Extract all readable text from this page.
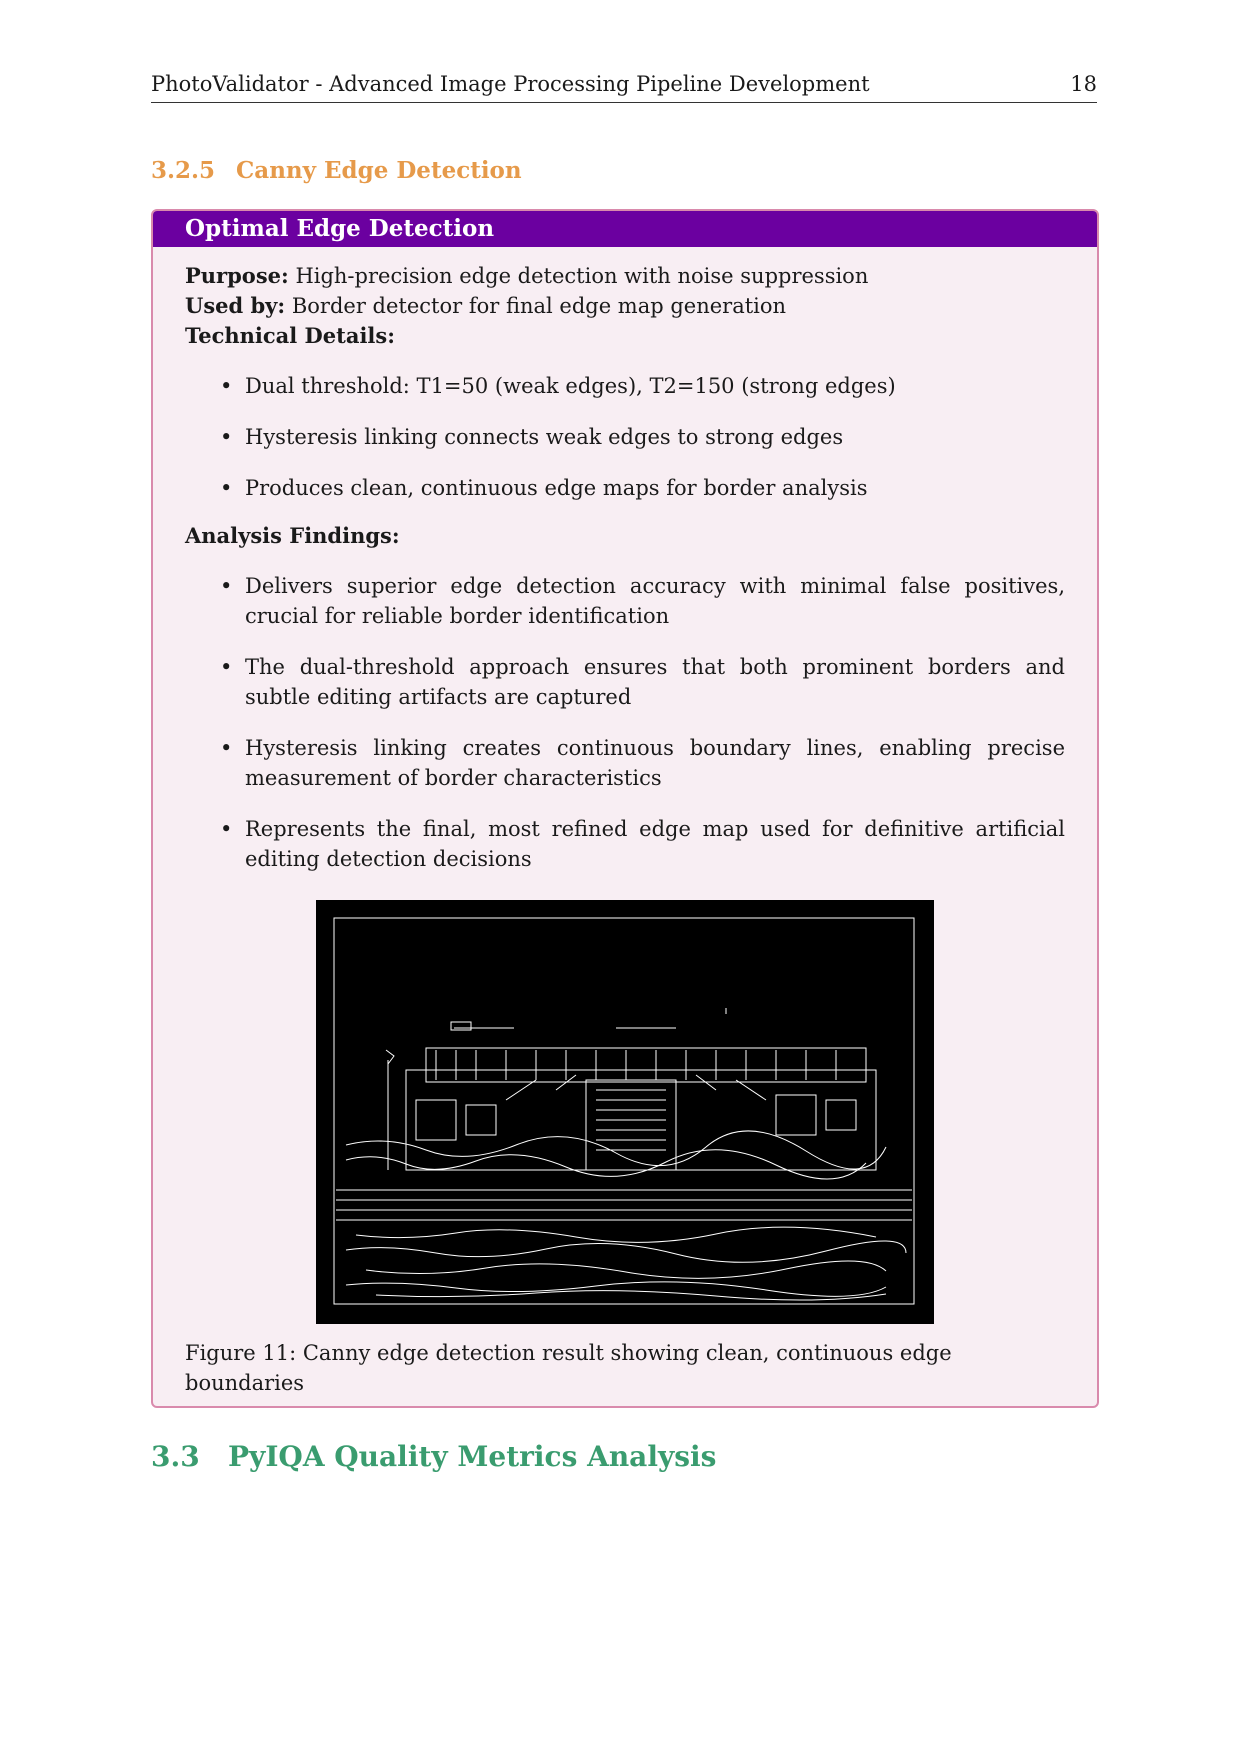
PhotoValidator - Advanced Image Processing Pipeline Development	18
3.2.5 Canny Edge Detection
Optimal Edge Detection

Purpose: High-precision edge detection with noise suppression

Used by: Border detector for final edge map generation

Technical Details:

• Dual threshold: T1=50 (weak edges), T2=150 (strong edges)
• Hysteresis linking connects weak edges to strong edges
• Produces clean, continuous edge maps for border analysis

Analysis Findings:

• Delivers superior edge detection accuracy with minimal false positives, crucial for reliable border identification
• The dual-threshold approach ensures that both prominent borders and subtle editing artifacts are captured
• Hysteresis linking creates continuous boundary lines, enabling precise measurement of border characteristics
• Represents the final, most refined edge map used for definitive artificial editing detection decisions
Figure 11: Canny edge detection result showing clean, continuous edge boundaries
3.3 PyIQA Quality Metrics Analysis
